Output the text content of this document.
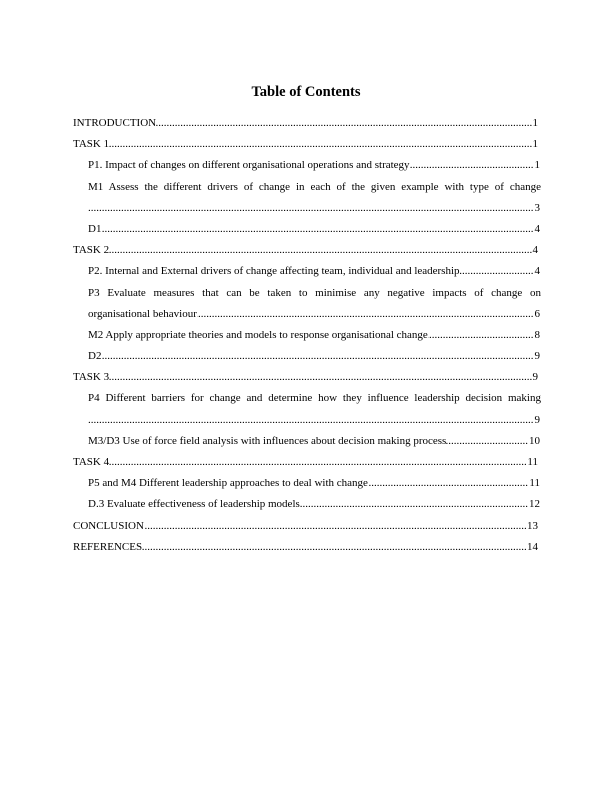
Table of Contents
.....
INTRODUCTION	1
.....
TASK 1	1
.....
P1. Impact of changes on different organisational operations and strategy	1
M1 Assess the different drivers of change in each of the given example with type of change
.....
3
.....
D1	4
.....
TASK 2	4
.....
P2. Internal and External drivers of change affecting team, individual and leadership	4
P3 Evaluate measures that can be taken to minimise any negative impacts of change on
.....
organisational behaviour	6
.....
M2 Apply appropriate theories and models to response organisational change	8
.....
D2	9
.....
TASK 3	9
P4 Different barriers for change and determine how they influence leadership decision making
.....
9
.....
M3/D3 Use of force field analysis with influences about decision making process	10
.....
TASK 4	11
.....
P5 and M4 Different leadership approaches to deal with change	11
.....
D.3 Evaluate effectiveness of leadership models	12
.....
CONCLUSION	13
.....
REFERENCES	14
